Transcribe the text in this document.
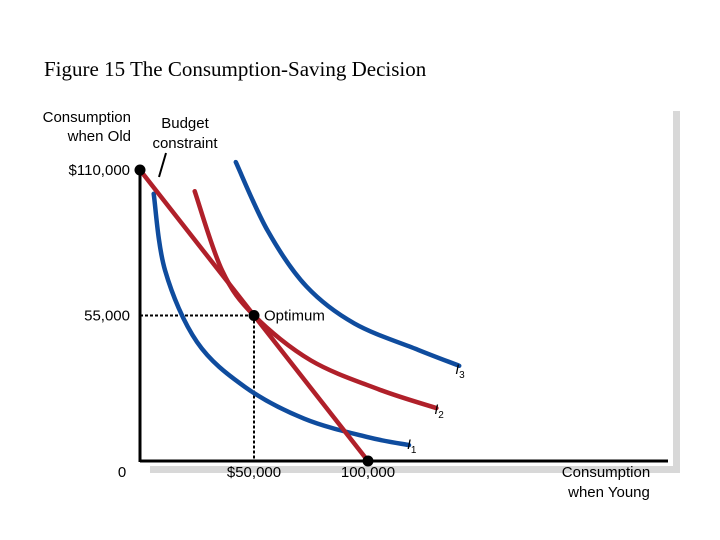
Figure 15 The Consumption-Saving Decision
Consumption
when Old
Budget
constraint
Consumption
when Young
$I_1$
$I_2$
$I_3$
Optimum
$110,000
55,000
0	$50,000	100,000
